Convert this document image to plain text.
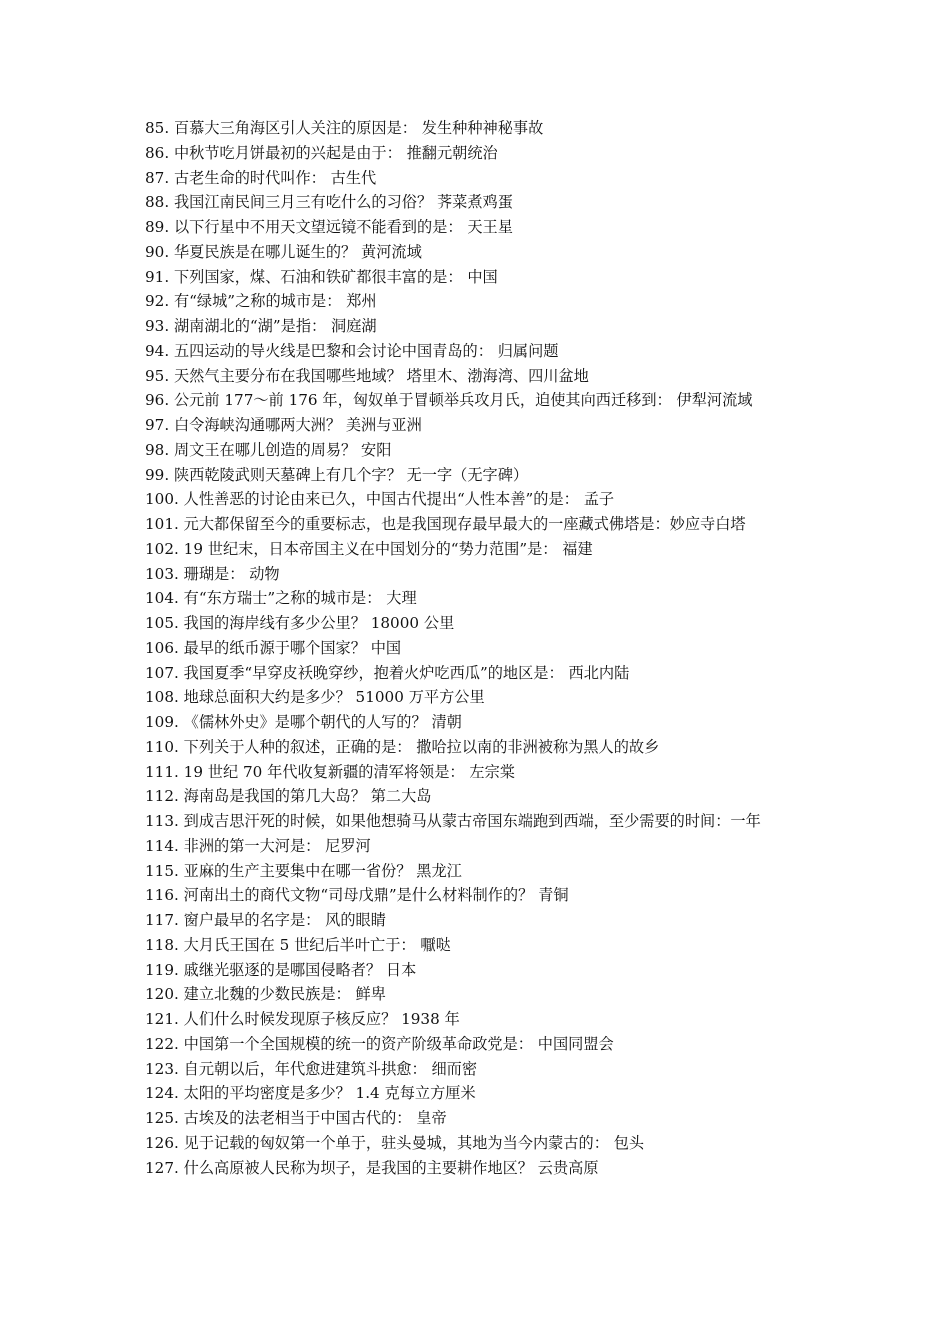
85. 百慕大三角海区引人关注的原因是： 发生种种神秘事故
86. 中秋节吃月饼最初的兴起是由于： 推翻元朝统治
87. 古老生命的时代叫作： 古生代
88. 我国江南民间三月三有吃什么的习俗？ 荠菜煮鸡蛋
89. 以下行星中不用天文望远镜不能看到的是： 天王星
90. 华夏民族是在哪儿诞生的？ 黄河流域
91. 下列国家，煤、石油和铁矿都很丰富的是： 中国
92. 有“绿城”之称的城市是： 郑州
93. 湖南湖北的“湖”是指： 洞庭湖
94. 五四运动的导火线是巴黎和会讨论中国青岛的： 归属问题
95. 天然气主要分布在我国哪些地域？ 塔里木、渤海湾、四川盆地
96. 公元前 177～前 176 年，匈奴单于冒顿举兵攻月氏，迫使其向西迁移到： 伊犁河流域
97. 白令海峡沟通哪两大洲？ 美洲与亚洲
98. 周文王在哪儿创造的周易？ 安阳
99. 陕西乾陵武则天墓碑上有几个字？ 无一字（无字碑）
100. 人性善恶的讨论由来已久，中国古代提出“人性本善”的是： 孟子
101. 元大都保留至今的重要标志，也是我国现存最早最大的一座藏式佛塔是：妙应寺白塔
102. 19 世纪末，日本帝国主义在中国划分的“势力范围”是： 福建
103. 珊瑚是： 动物
104. 有“东方瑞士”之称的城市是： 大理
105. 我国的海岸线有多少公里？ 18000 公里
106. 最早的纸币源于哪个国家？ 中国
107. 我国夏季“早穿皮袄晚穿纱，抱着火炉吃西瓜”的地区是： 西北内陆
108. 地球总面积大约是多少？ 51000 万平方公里
109. 《儒林外史》是哪个朝代的人写的？ 清朝
110. 下列关于人种的叙述，正确的是： 撒哈拉以南的非洲被称为黑人的故乡
111. 19 世纪 70 年代收复新疆的清军将领是： 左宗棠
112. 海南岛是我国的第几大岛？ 第二大岛
113. 到成吉思汗死的时候，如果他想骑马从蒙古帝国东端跑到西端，至少需要的时间：一年
114. 非洲的第一大河是： 尼罗河
115. 亚麻的生产主要集中在哪一省份？ 黑龙江
116. 河南出土的商代文物“司母戊鼎”是什么材料制作的？ 青铜
117. 窗户最早的名字是： 风的眼睛
118. 大月氏王国在 5 世纪后半叶亡于： 嚈哒
119. 戚继光驱逐的是哪国侵略者？ 日本
120. 建立北魏的少数民族是： 鲜卑
121. 人们什么时候发现原子核反应？ 1938 年
122. 中国第一个全国规模的统一的资产阶级革命政党是： 中国同盟会
123. 自元朝以后，年代愈进建筑斗拱愈： 细而密
124. 太阳的平均密度是多少？ 1.4 克每立方厘米
125. 古埃及的法老相当于中国古代的： 皇帝
126. 见于记载的匈奴第一个单于，驻头曼城，其地为当今内蒙古的： 包头
127. 什么高原被人民称为坝子，是我国的主要耕作地区？ 云贵高原
